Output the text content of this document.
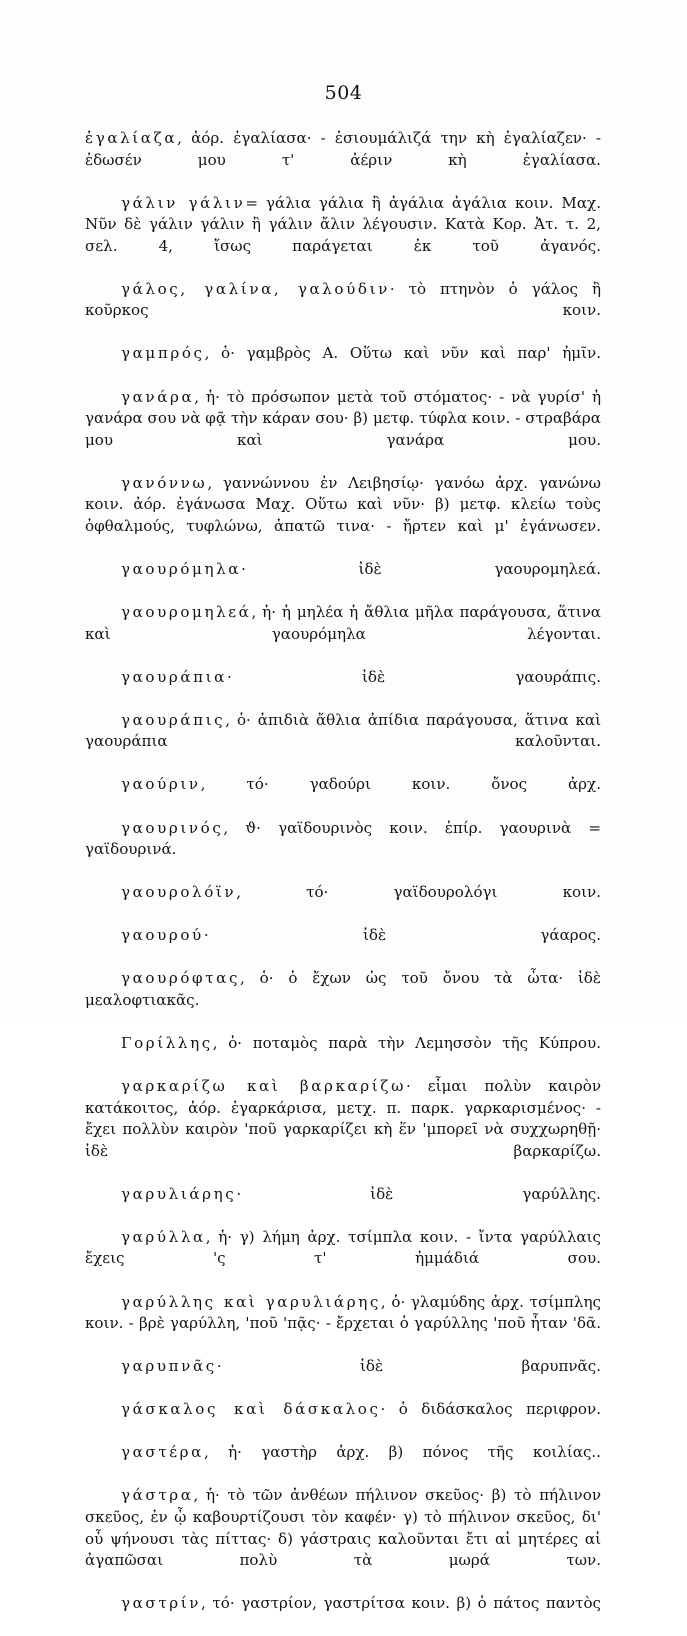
504

ἐγαλίαζα, ἀόρ. ἐγαλίασα· - ἐσιουμάλιζά την κὴ ἐγαλίαζεν· - ἐδωσέν μου τ' ἀέριν κὴ ἐγαλίασα.

γάλιν γάλιν= γάλια γάλια ἢ ἀγάλια ἀγάλια κοιν. Μαχ. Νῦν δὲ γάλιν γάλιν ἢ γάλιν ἄλιν λέγουσιν. Κατὰ Κορ. Ἀτ. τ. 2, σελ. 4, ἴσως παράγεται ἐκ τοῦ ἀγανός.

γάλος, γαλίνα, γαλούδιν· τὸ πτηνὸν ὁ γάλος ἢ κοῦρκος κοιν.

γαμπρός, ὁ· γαμβρὸς Α. Οὕτω καὶ νῦν καὶ παρ' ἡμῖν.

γανάρα, ἡ· τὸ πρόσωπον μετὰ τοῦ στόματος· - νὰ γυρίσ' ἡ γανάρα σου νὰ φᾷ τὴν κάραν σου· β) μετφ. τύφλα κοιν. - στραβάρα μου καὶ γανάρα μου.

γανόννω, γαννώννου ἐν Λειβησίῳ· γανόω ἀρχ. γανώνω κοιν. ἀόρ. ἐγάνωσα Μαχ. Οὕτω καὶ νῦν· β) μετφ. κλείω τοὺς ὀφθαλμούς, τυφλώνω, ἀπατῶ τινα· - ἤρτεν καὶ μ' ἐγάνωσεν.

γαουρόμηλα· ἰδὲ γαουρομηλεά.

γαουρομηλεά, ἡ· ἡ μηλέα ἡ ἄθλια μῆλα παράγουσα, ἅτινα καὶ γαουρόμηλα λέγονται.

γαουράπια· ἰδὲ γαουράπις.

γαουράπις, ὁ· ἀπιδιὰ ἄθλια ἀπίδια παράγουσα, ἅτινα καὶ γαουράπια καλοῦνται.

γαούριν, τό· γαδούρι κοιν. ὄνος ἀρχ.

γαουρινός, ϑ· γαϊδουρινὸς κοιν. ἐπίρ. γαουρινὰ = γαϊδουρινά.

γαουρολόϊν, τό· γαϊδουρολόγι κοιν.

γαουρού· ἰδὲ γάαρος.

γαουρόφτας, ὁ· ὁ ἔχων ὡς τοῦ ὄνου τὰ ὦτα· ἰδὲ μεαλοφτιακᾶς.

Γορίλλης, ὁ· ποταμὸς παρὰ τὴν Λεμησσὸν τῆς Κύπρου.

γαρκαρίζω καὶ βαρκαρίζω· εἶμαι πολὺν καιρὸν κατάκοιτος, ἀόρ. ἐγαρκάρισα, μετχ. π. παρκ. γαρκαρισμένος· - ἔχει πολλὺν καιρὸν 'ποῦ γαρκαρίζει κὴ ἕν 'μπορεῖ νὰ συχχωρηθῇ· ἰδὲ βαρκαρίζω.

γαρυλιάρης· ἰδὲ γαρύλλης.

γαρύλλα, ἡ· γ) λήμη ἀρχ. τσίμπλα κοιν. - ἴντα γαρύλλαις ἔχεις 'ς τ' ἠμμάδιά σου.

γαρύλλης καὶ γαρυλιάρης, ὁ· γλαμύδης ἀρχ. τσίμπλης κοιν. - βρὲ γαρύλλη, 'ποῦ 'πᾷς· - ἔρχεται ὁ γαρύλλης 'ποῦ ἦταν 'δᾶ.

γαρυπνᾶς· ἰδὲ βαρυπνᾶς.

γάσκαλος καὶ δάσκαλος· ὁ διδάσκαλος περιφρον.

γαστέρα, ἡ· γαστὴρ ἀρχ. β) πόνος τῆς κοιλίας..

γάστρα, ἡ· τὸ τῶν ἀνθέων πήλινον σκεῦος· β) τὸ πήλινον σκεῦος, ἐν ᾧ καβουρτίζουσι τὸν καφέν· γ) τὸ πήλινον σκεῦος, δι' οὗ ψήνουσι τὰς πίττας· δ) γάστραις καλοῦνται ἔτι αἱ μητέρες αἱ ἀγαπῶσαι πολὺ τὰ μωρά των.

γαστρίν, τό· γαστρίον, γαστρίτσα κοιν. β) ὁ πάτος παντὸς
